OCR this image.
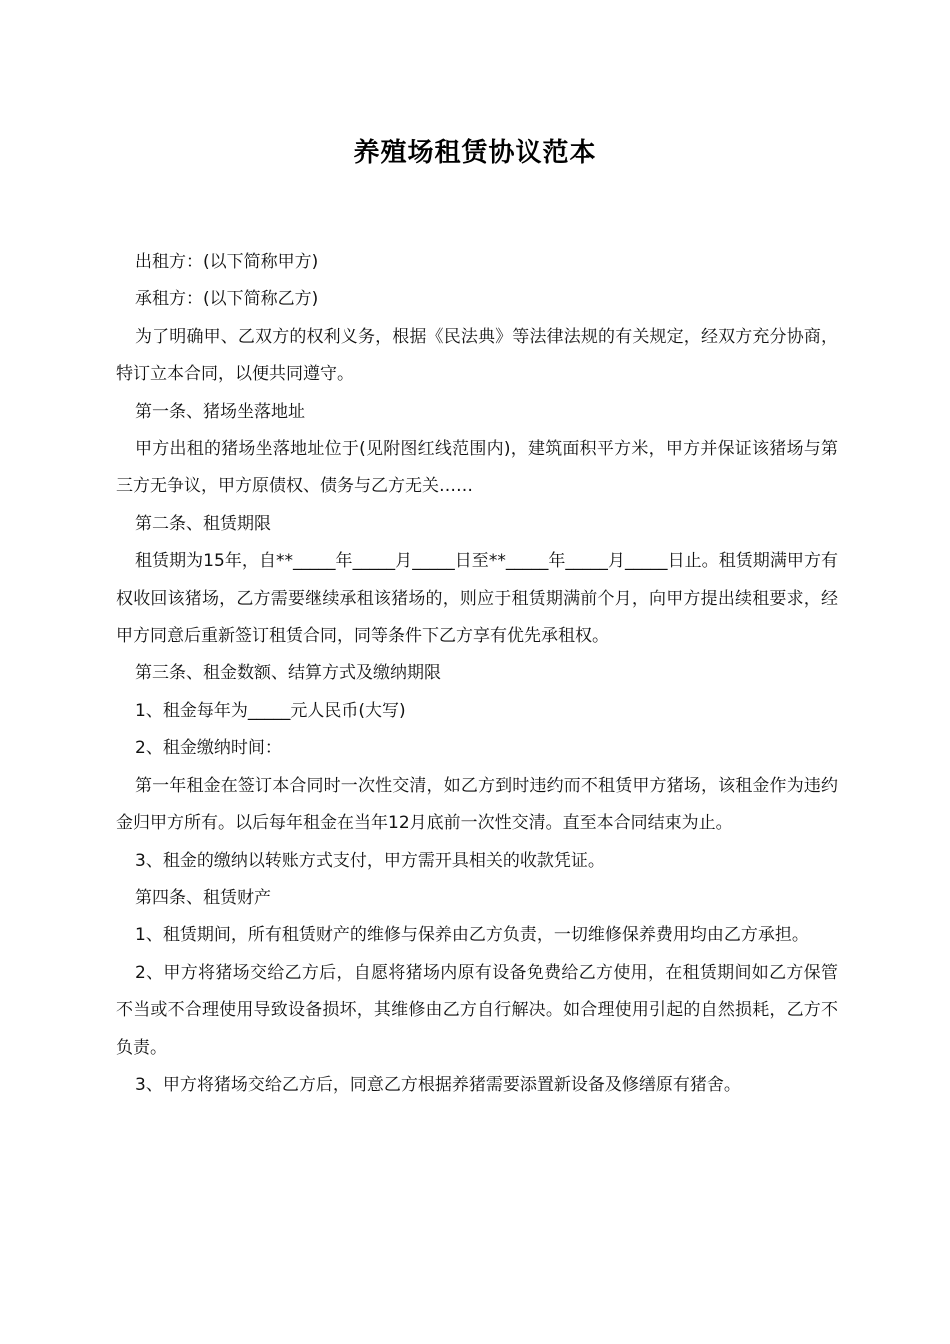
养殖场租赁协议范本

出租方：(以下简称甲方)

承租方：(以下简称乙方)

为了明确甲、乙双方的权利义务，根据《民法典》等法律法规的有关规定，经双方充分协商，特订立本合同，以便共同遵守。

第一条、猪场坐落地址

甲方出租的猪场坐落地址位于(见附图红线范围内)，建筑面积平方米，甲方并保证该猪场与第三方无争议，甲方原债权、债务与乙方无关……

第二条、租赁期限

租赁期为15年，自**_____年_____月_____日至**_____年_____月_____日止。租赁期满甲方有权收回该猪场，乙方需要继续承租该猪场的，则应于租赁期满前个月，向甲方提出续租要求，经甲方同意后重新签订租赁合同，同等条件下乙方享有优先承租权。

第三条、租金数额、结算方式及缴纳期限

1、租金每年为_____元人民币(大写)

2、租金缴纳时间：

第一年租金在签订本合同时一次性交清，如乙方到时违约而不租赁甲方猪场，该租金作为违约金归甲方所有。以后每年租金在当年12月底前一次性交清。直至本合同结束为止。

3、租金的缴纳以转账方式支付，甲方需开具相关的收款凭证。

第四条、租赁财产

1、租赁期间，所有租赁财产的维修与保养由乙方负责，一切维修保养费用均由乙方承担。

2、甲方将猪场交给乙方后，自愿将猪场内原有设备免费给乙方使用，在租赁期间如乙方保管不当或不合理使用导致设备损坏，其维修由乙方自行解决。如合理使用引起的自然损耗，乙方不负责。

3、甲方将猪场交给乙方后，同意乙方根据养猪需要添置新设备及修缮原有猪舍。
